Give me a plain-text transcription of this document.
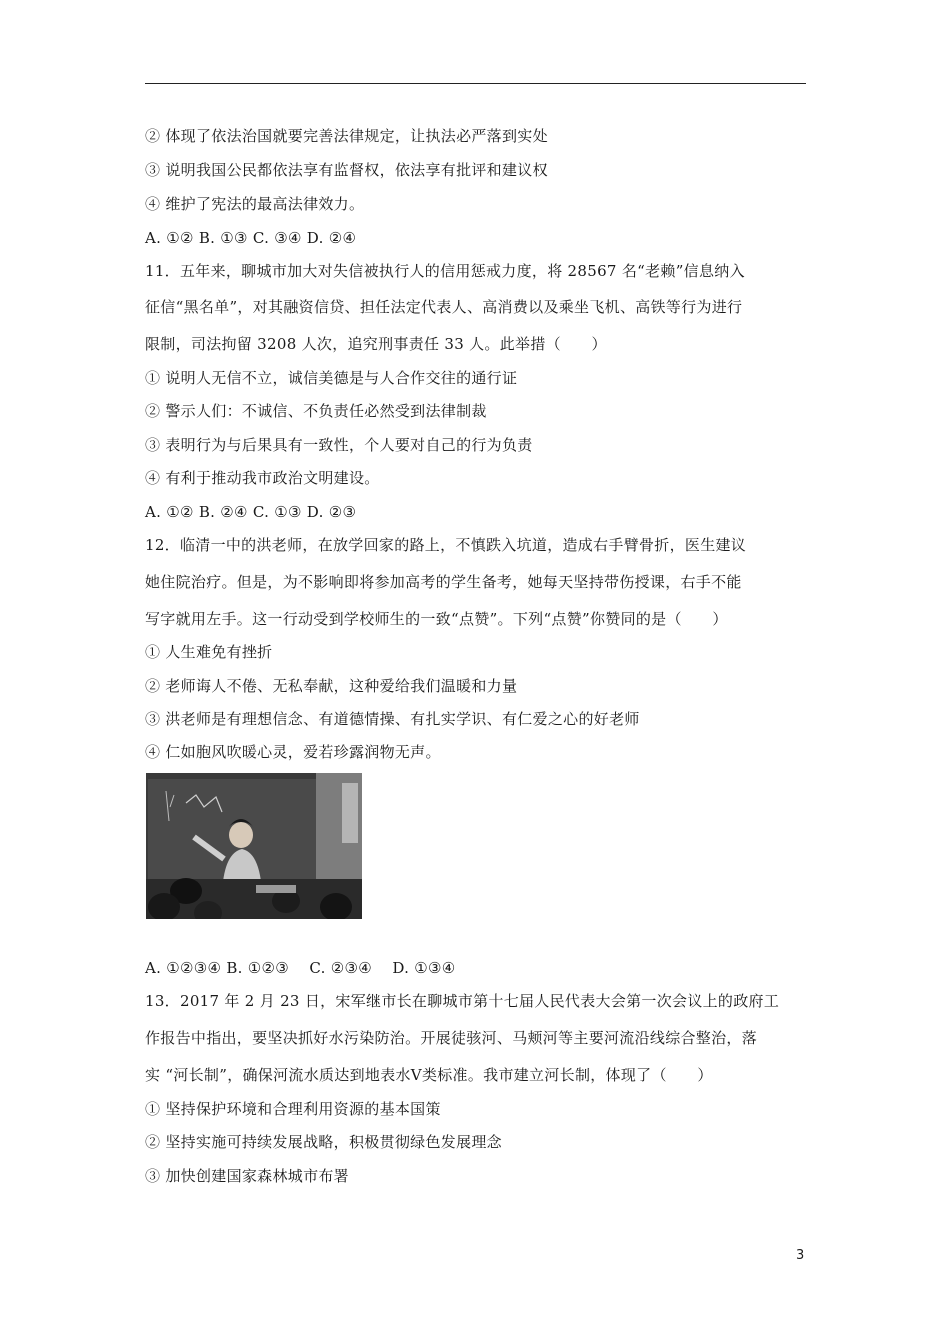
② 体现了依法治国就要完善法律规定，让执法必严落到实处
③ 说明我国公民都依法享有监督权，依法享有批评和建议权
④ 维护了宪法的最高法律效力。
A. ①② B. ①③ C. ③④ D. ②④
11．五年来，聊城市加大对失信被执行人的信用惩戒力度，将 28567 名“老赖”信息纳入
征信“黑名单”，对其融资信贷、担任法定代表人、高消费以及乘坐飞机、高铁等行为进行
限制，司法拘留 3208 人次，追究刑事责任 33 人。此举措（　　）
① 说明人无信不立，诚信美德是与人合作交往的通行证
② 警示人们：不诚信、不负责任必然受到法律制裁
③ 表明行为与后果具有一致性，个人要对自己的行为负责
④ 有利于推动我市政治文明建设。
A. ①② B. ②④ C. ①③ D. ②③
12．临清一中的洪老师，在放学回家的路上，不慎跌入坑道，造成右手臂骨折，医生建议
她住院治疗。但是，为不影响即将参加高考的学生备考，她每天坚持带伤授课，右手不能
写字就用左手。这一行动受到学校师生的一致“点赞”。下列“点赞”你赞同的是（　　）
① 人生难免有挫折
② 老师诲人不倦、无私奉献，这种爱给我们温暖和力量
③ 洪老师是有理想信念、有道德情操、有扎实学识、有仁爱之心的好老师
④ 仁如胞风吹暖心灵，爱若珍露润物无声。
A. ①②③④ B. ①②③　 C. ②③④　 D. ①③④
13．2017 年 2 月 23 日，宋军继市长在聊城市第十七届人民代表大会第一次会议上的政府工
作报告中指出，要坚决抓好水污染防治。开展徒骇河、马颊河等主要河流沿线综合整治，落
实 “河长制”，确保河流水质达到地表水Ⅴ类标准。我市建立河长制，体现了（　　）
① 坚持保护环境和合理利用资源的基本国策
② 坚持实施可持续发展战略，积极贯彻绿色发展理念
③ 加快创建国家森林城市布署
3
